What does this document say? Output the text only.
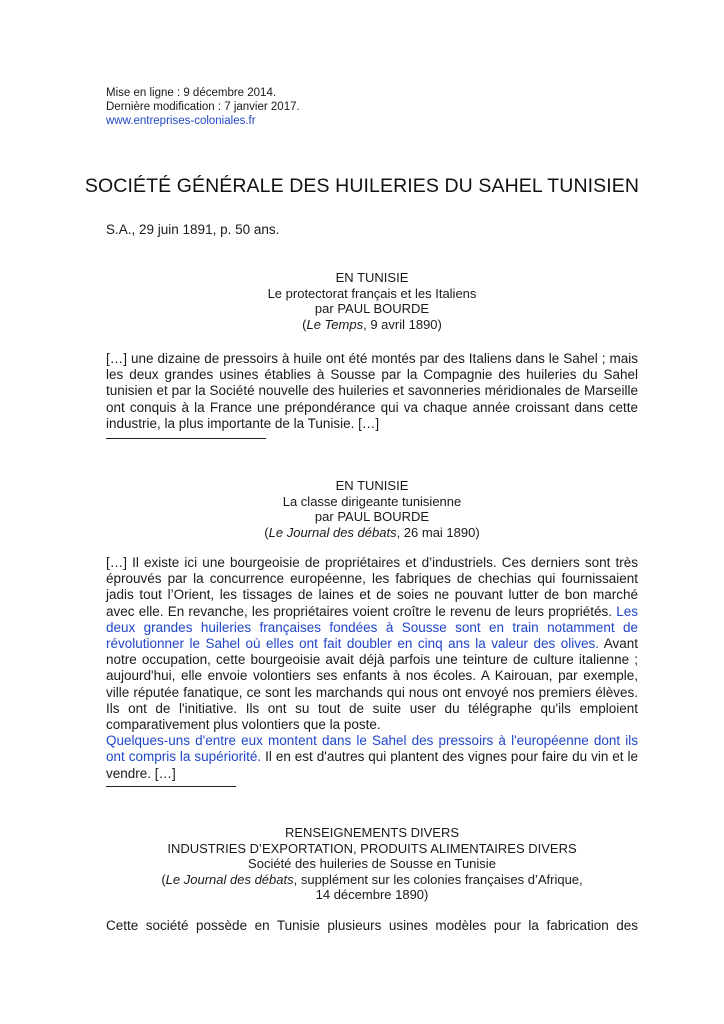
Mise en ligne : 9 décembre 2014.
Dernière modification : 7 janvier 2017.
www.entreprises-coloniales.fr
SOCIÉTÉ GÉNÉRALE DES HUILERIES DU SAHEL TUNISIEN
S.A., 29 juin 1891, p. 50 ans.
EN TUNISIE
Le protectorat français et les Italiens
par PAUL BOURDE
(Le Temps, 9 avril 1890)

[…] une dizaine de pressoirs à huile ont été montés par des Italiens dans le Sahel ; mais les deux grandes usines établies à Sousse par la Compagnie des huileries du Sahel tunisien et par la Société nouvelle des huileries et savonneries méridionales de Marseille ont conquis à la France une prépondérance qui va chaque année croissant dans cette industrie, la plus importante de la Tunisie. […]

EN TUNISIE
La classe dirigeante tunisienne
par PAUL BOURDE
(Le Journal des débats, 26 mai 1890)

[…] Il existe ici une bourgeoisie de propriétaires et d’industriels. Ces derniers sont très éprouvés par la concurrence européenne, les fabriques de chechias qui fournissaient jadis tout l’Orient, les tissages de laines et de soies ne pouvant lutter de bon marché avec elle. En revanche, les propriétaires voient croître le revenu de leurs propriétés. Les deux grandes huileries françaises fondées à Sousse sont en train notamment de révolutionner le Sahel où elles ont fait doubler en cinq ans la valeur des olives. Avant notre occupation, cette bourgeoisie avait déjà parfois une teinture de culture italienne ; aujourd'hui, elle envoie volontiers ses enfants à nos écoles. A Kairouan, par exemple, ville réputée fanatique, ce sont les marchands qui nous ont envoyé nos premiers élèves. Ils ont de l'initiative. Ils ont su tout de suite user du télégraphe qu'ils emploient comparativement plus volontiers que la poste.

Quelques-uns d'entre eux montent dans le Sahel des pressoirs à l'européenne dont ils ont compris la supériorité. Il en est d'autres qui plantent des vignes pour faire du vin et le vendre. […]

RENSEIGNEMENTS DIVERS
INDUSTRIES D’EXPORTATION, PRODUITS ALIMENTAIRES DIVERS
Société des huileries de Sousse en Tunisie
(Le Journal des débats, supplément sur les colonies françaises d’Afrique,
14 décembre 1890)

Cette société possède en Tunisie plusieurs usines modèles pour la fabrication des
